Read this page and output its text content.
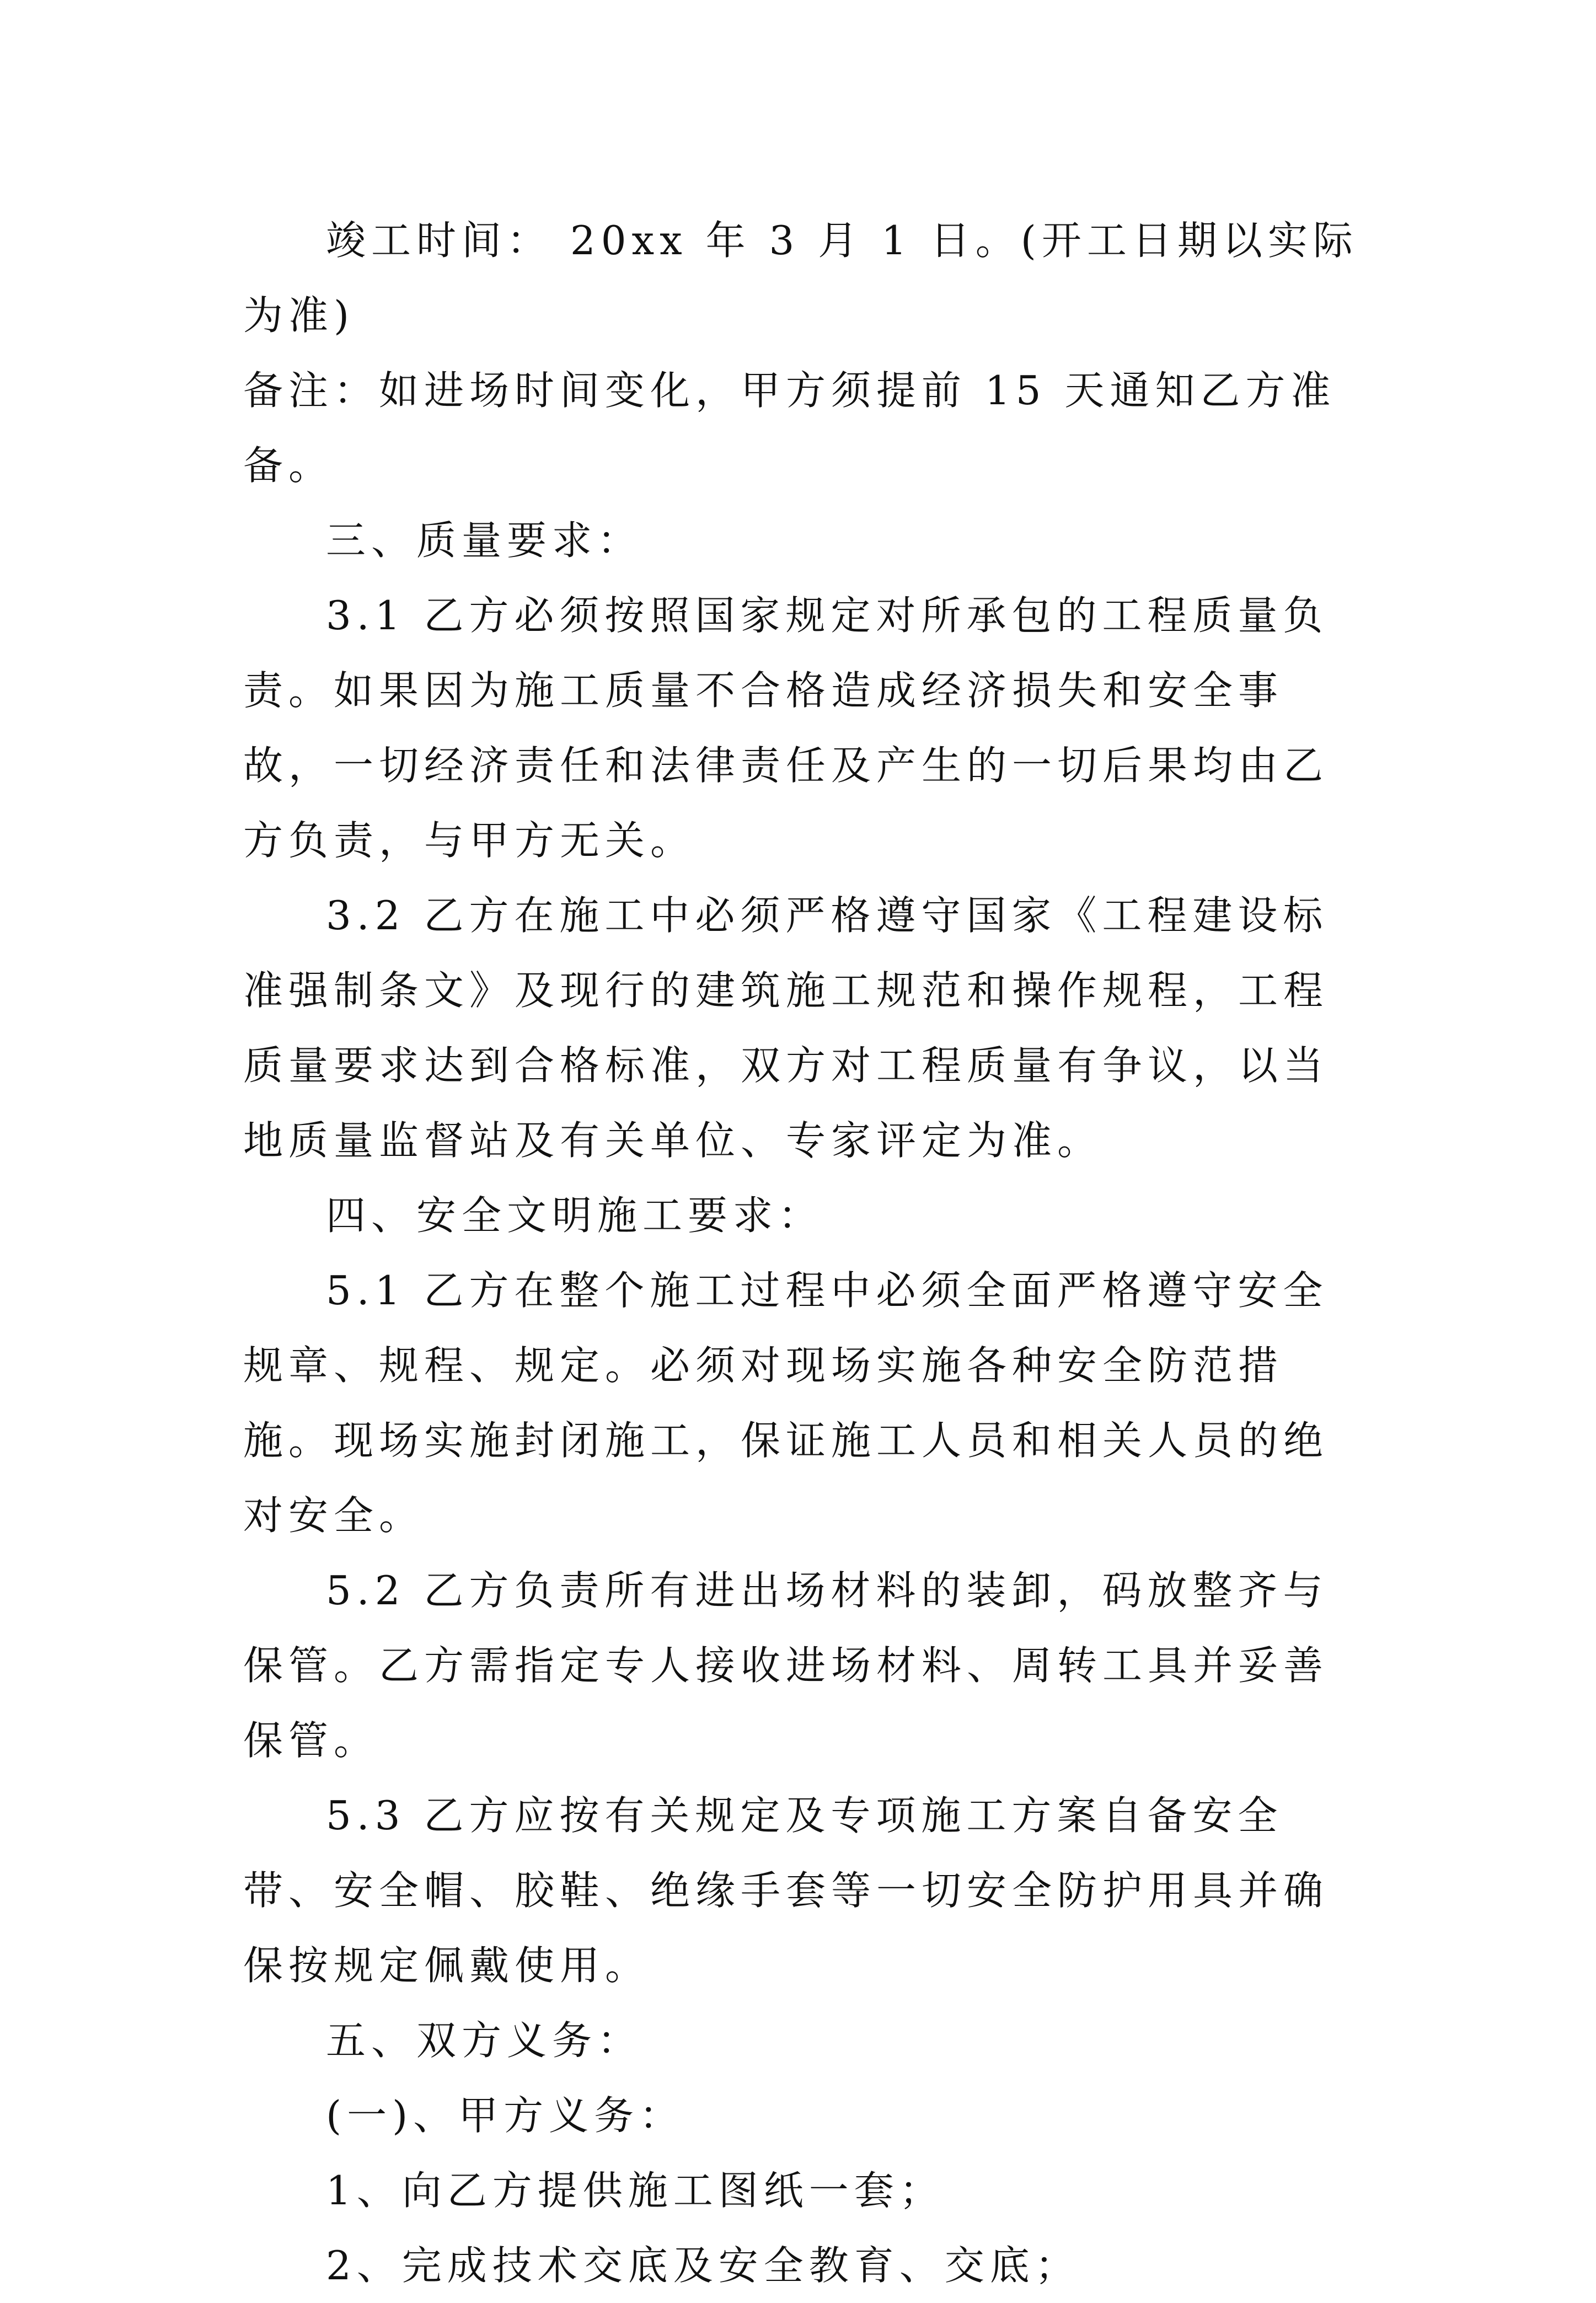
竣工时间： 20xx 年 3 月 1 日。(开工日期以实际为准)

备注：如进场时间变化，甲方须提前 15 天通知乙方准备。

三、质量要求：

3.1 乙方必须按照国家规定对所承包的工程质量负责。如果因为施工质量不合格造成经济损失和安全事故，一切经济责任和法律责任及产生的一切后果均由乙方负责，与甲方无关。

3.2 乙方在施工中必须严格遵守国家《工程建设标准强制条文》及现行的建筑施工规范和操作规程，工程质量要求达到合格标准，双方对工程质量有争议，以当地质量监督站及有关单位、专家评定为准。

四、安全文明施工要求：

5.1 乙方在整个施工过程中必须全面严格遵守安全规章、规程、规定。必须对现场实施各种安全防范措施。现场实施封闭施工，保证施工人员和相关人员的绝对安全。

5.2 乙方负责所有进出场材料的装卸，码放整齐与保管。乙方需指定专人接收进场材料、周转工具并妥善保管。

5.3 乙方应按有关规定及专项施工方案自备安全带、安全帽、胶鞋、绝缘手套等一切安全防护用具并确保按规定佩戴使用。

五、双方义务：

(一)、甲方义务：

1、向乙方提供施工图纸一套；

2、完成技术交底及安全教育、交底；
